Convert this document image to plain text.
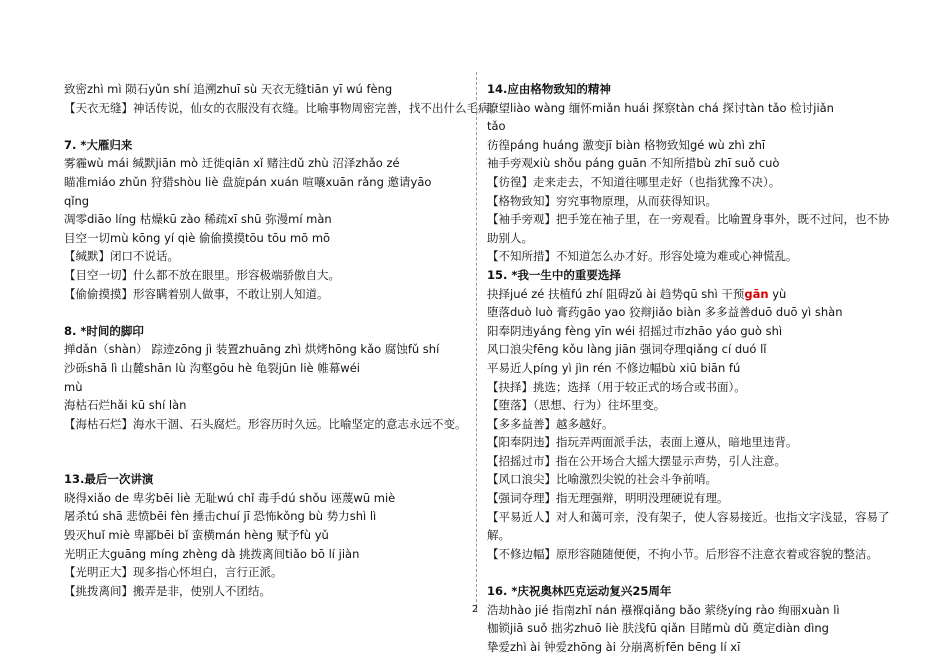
致密zhì mì 陨石yǔn shí 追溯zhuī sù 天衣无缝tiān yī wú fèng
【天衣无缝】神话传说，仙女的衣服没有衣缝。比喻事物周密完善，找不出什么毛病。
7. *大雁归来
雾霾wù mái 缄默jiān mò 迁徙qiān xǐ 赌注dǔ zhù 沼泽zhǎo zé
瞄准miáo zhǔn 狩猎shòu liè 盘旋pán xuán 喧嚷xuān rǎng 邀请yāo
qǐng
凋零diāo líng 枯燥kū zào 稀疏xī shū 弥漫mí màn
目空一切mù kōng yí qiè 偷偷摸摸tōu tōu mō mō
【缄默】闭口不说话。
【目空一切】什么都不放在眼里。形容极端骄傲自大。
【偷偷摸摸】形容瞒着别人做事，不敢让别人知道。
8. *时间的脚印
掸dǎn（shàn） 踪迹zōng jì 装置zhuāng zhì 烘烤hōng kǎo 腐蚀fǔ shí
沙砾shā lì 山麓shān lù 沟壑gōu hè 龟裂jūn liè 帷幕wéi
mù
海枯石烂hǎi kū shí làn
【海枯石烂】海水干涸、石头腐烂。形容历时久远。比喻坚定的意志永远不变。
13.最后一次讲演
晓得xiǎo de 卑劣bēi liè 无耻wú chǐ 毒手dú shǒu 诬蔑wū miè
屠杀tú shā 悲愤bēi fèn 捶击chuí jī 恐怖kǒng bù 势力shì lì
毁灭huǐ miè 卑鄙bēi bǐ 蛮横mán hèng 赋予fù yǔ
光明正大guāng míng zhèng dà 挑拨离间tiǎo bō lí jiàn
【光明正大】现多指心怀坦白，言行正派。
【挑拨离间】搬弄是非，使别人不团结。
14.应由格物致知的精神
瞭望liào wàng 缅怀miǎn huái 探察tàn chá 探讨tàn tǎo 检讨jiǎn
tǎo
彷徨páng huáng 激变jī biàn 格物致知gé wù zhì zhī
袖手旁观xiù shǒu páng guān 不知所措bù zhī suǒ cuò
【彷徨】走来走去，不知道往哪里走好（也指犹豫不决）。
【格物致知】穷究事物原理，从而获得知识。
【袖手旁观】把手笼在袖子里，在一旁观看。比喻置身事外，既不过问，也不协助别人。
【不知所措】不知道怎么办才好。形容处境为难或心神慌乱。
15. *我一生中的重要选择
抉择jué zé 扶植fú zhí 阻碍zǔ ài 趋势qū shì 干预gān yù
堕落duò luò 膏药gāo yao 狡辩jiǎo biàn 多多益善duō duō yì shàn
阳奉阴违yáng fèng yīn wéi 招摇过市zhāo yáo guò shì
风口浪尖fēng kǒu làng jiān 强词夺理qiǎng cí duó lǐ
平易近人píng yì jìn rén 不修边幅bù xiū biān fú
【抉择】挑选；选择（用于较正式的场合或书面）。
【堕落】（思想、行为）往坏里变。
【多多益善】越多越好。
【阳奉阴违】指玩弄两面派手法，表面上遵从，暗地里违背。
【招摇过市】指在公开场合大摇大摆显示声势，引人注意。
【风口浪尖】比喻激烈尖锐的社会斗争前哨。
【强词夺理】指无理强辩，明明没理硬说有理。
【平易近人】对人和蔼可亲，没有架子，使人容易接近。也指文字浅显，容易了解。
【不修边幅】原形容随随便便，不拘小节。后形容不注意衣着或容貌的整洁。
16. *庆祝奥林匹克运动复兴25周年
浩劫hào jié 指南zhǐ nán 襁褓qiǎng bǎo 萦绕yíng rào 绚丽xuàn lì
枷锁jiā suǒ 拙劣zhuō liè 肤浅fū qiǎn 目睹mù dǔ 奠定diàn dìng
挚爱zhì ài 钟爱zhōng ài 分崩离析fēn bēng lí xī
2
